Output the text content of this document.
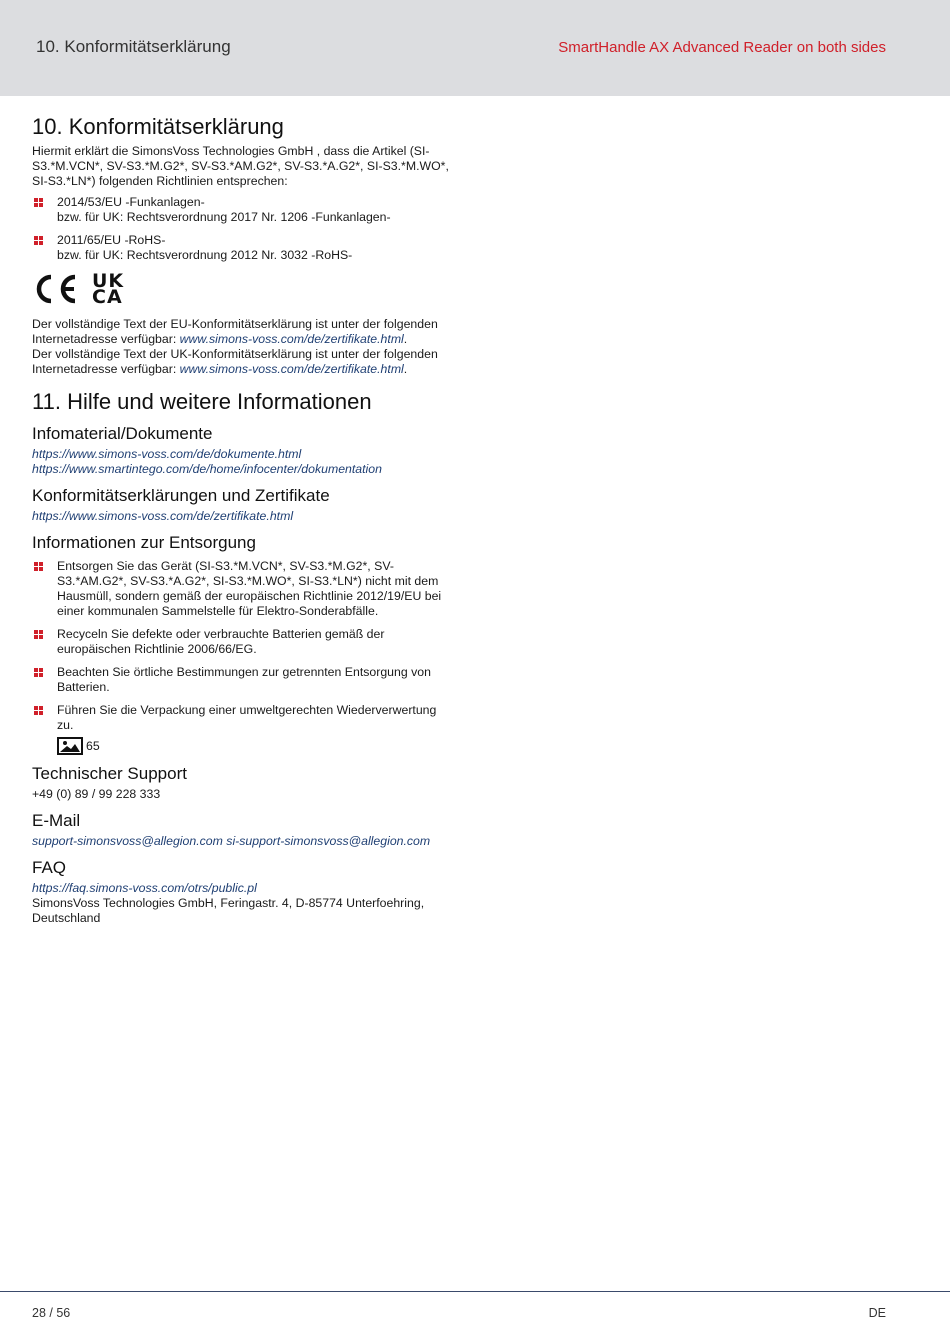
10. Konformitätserklärung	SmartHandle AX Advanced Reader on both sides
10. Konformitätserklärung

Hiermit erklärt die SimonsVoss Technologies GmbH , dass die Artikel (SI-S3.*M.VCN*, SV-S3.*M.G2*, SV-S3.*AM.G2*, SV-S3.*A.G2*, SI-S3.*M.WO*, SI-S3.*LN*) folgenden Richtlinien entsprechen:

2014/53/EU -Funkanlagen-
bzw. für UK: Rechtsverordnung 2017 Nr. 1206 -Funkanlagen-
2011/65/EU -RoHS-
bzw. für UK: Rechtsverordnung 2012 Nr. 3032 -RoHS-
UK
CA

Der vollständige Text der EU-Konformitätserklärung ist unter der folgenden Internetadresse verfügbar: www.simons-voss.com/de/zertifikate.html.

Der vollständige Text der UK-Konformitätserklärung ist unter der folgenden Internetadresse verfügbar: www.simons-voss.com/de/zertifikate.html.

11. Hilfe und weitere Informationen
Infomaterial/Dokumente
https://www.simons-voss.com/de/dokumente.html https://www.smartintego.com/de/home/infocenter/dokumentation
Konformitätserklärungen und Zertifikate
https://www.simons-voss.com/de/zertifikate.html
Informationen zur Entsorgung
Entsorgen Sie das Gerät (SI-S3.*M.VCN*, SV-S3.*M.G2*, SV-S3.*AM.G2*, SV-S3.*A.G2*, SI-S3.*M.WO*, SI-S3.*LN*) nicht mit dem Hausmüll, sondern gemäß der europäischen Richtlinie 2012/19/EU bei einer kommunalen Sammelstelle für Elektro-Sonderabfälle.
Recyceln Sie defekte oder verbrauchte Batterien gemäß der europäischen Richtlinie 2006/66/EG.
Beachten Sie örtliche Bestimmungen zur getrennten Entsorgung von Batterien.
Führen Sie die Verpackung einer umweltgerechten Wiederverwertung zu.
65
Technischer Support

+49 (0) 89 / 99 228 333

E-Mail
support-simonsvoss@allegion.com si-support-simonsvoss@allegion.com
FAQ
https://faq.simons-voss.com/otrs/public.pl

SimonsVoss Technologies GmbH, Feringastr. 4, D-85774 Unterfoehring, Deutschland

28 / 56	DE
